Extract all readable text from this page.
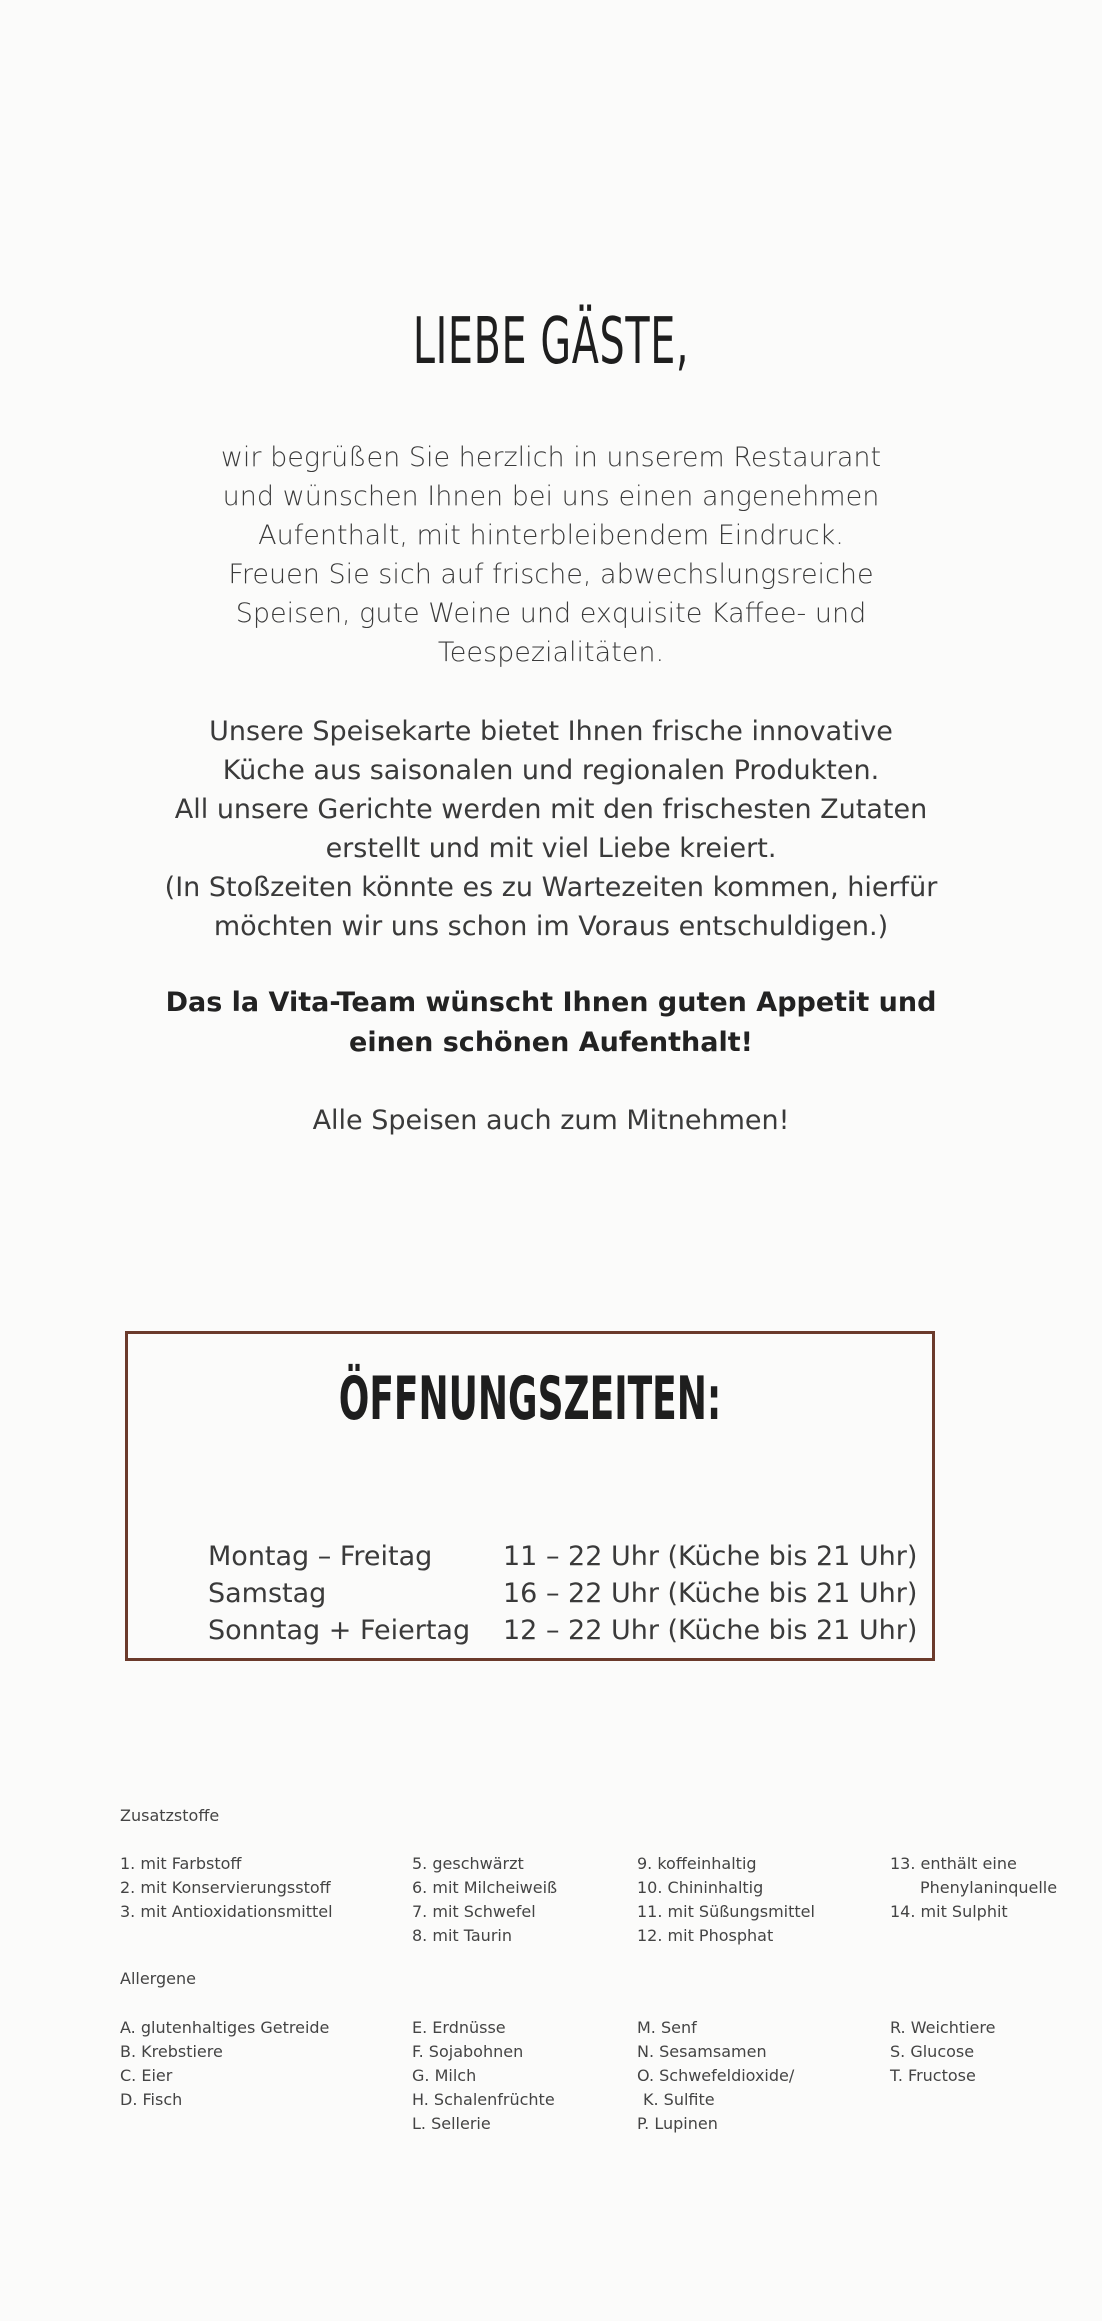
LIEBE GÄSTE,

wir begrüßen Sie herzlich in unserem Restaurant

und wünschen Ihnen bei uns einen angenehmen

Aufenthalt, mit hinterbleibendem Eindruck.

Freuen Sie sich auf frische, abwechslungsreiche

Speisen, gute Weine und exquisite Kaffee- und

Teespezialitäten.

Unsere Speisekarte bietet Ihnen frische innovative

Küche aus saisonalen und regionalen Produkten.

All unsere Gerichte werden mit den frischesten Zutaten

erstellt und mit viel Liebe kreiert.

(In Stoßzeiten könnte es zu Wartezeiten kommen, hierfür

möchten wir uns schon im Voraus entschuldigen.)

Das la Vita-Team wünscht Ihnen guten Appetit und

einen schönen Aufenthalt!

Alle Speisen auch zum Mitnehmen!
ÖFFNUNGSZEITEN:
Montag – Freitag	11 – 22 Uhr (Küche bis 21 Uhr)
Samstag	16 – 22 Uhr (Küche bis 21 Uhr)
Sonntag + Feiertag 12 – 22 Uhr (Küche bis 21 Uhr)
Zusatzstoffe
1. mit Farbstoff
2. mit Konservierungsstoff
3. mit Antioxidationsmittel
5. geschwärzt
6. mit Milcheiweiß
7. mit Schwefel
8. mit Taurin
9. koffeinhaltig
10. Chininhaltig
11. mit Süßungsmittel
12. mit Phosphat
13. enthält eine
Phenylaninquelle
14. mit Sulphit
Allergene
A. glutenhaltiges Getreide
B. Krebstiere
C. Eier
D. Fisch
E. Erdnüsse
F. Sojabohnen
G. Milch
H. Schalenfrüchte
L. Sellerie
M. Senf
N. Sesamsamen
O. Schwefeldioxide/
K. Sulfite
P. Lupinen
R. Weichtiere
S. Glucose
T. Fructose
